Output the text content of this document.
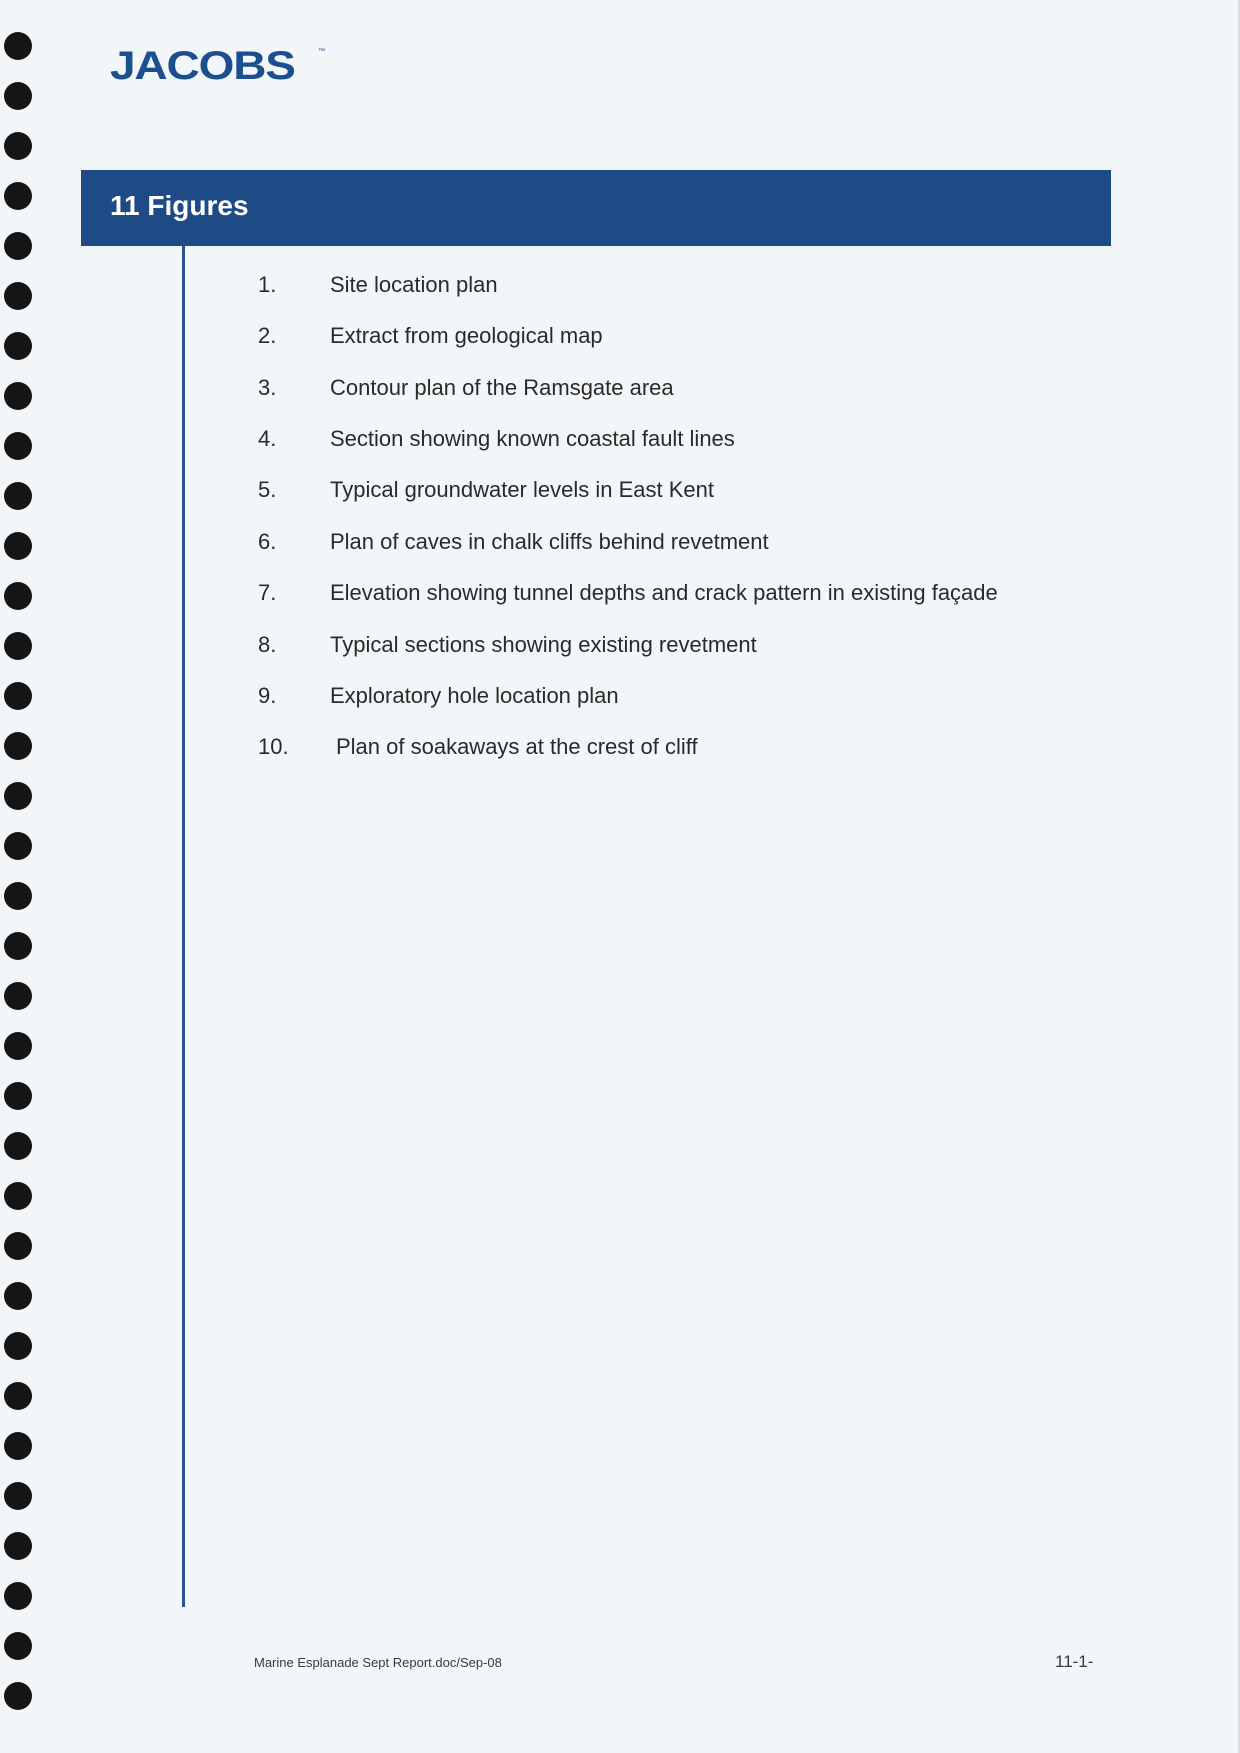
JACOBS	™
11 Figures
1. Site location plan
2. Extract from geological map
3. Contour plan of the Ramsgate area
4. Section showing known coastal fault lines
5. Typical groundwater levels in East Kent
6. Plan of caves in chalk cliffs behind revetment
7. Elevation showing tunnel depths and crack pattern in existing façade
8. Typical sections showing existing revetment
9. Exploratory hole location plan
10. Plan of soakaways at the crest of cliff
Marine Esplanade Sept Report.doc/Sep-08	11-1-
